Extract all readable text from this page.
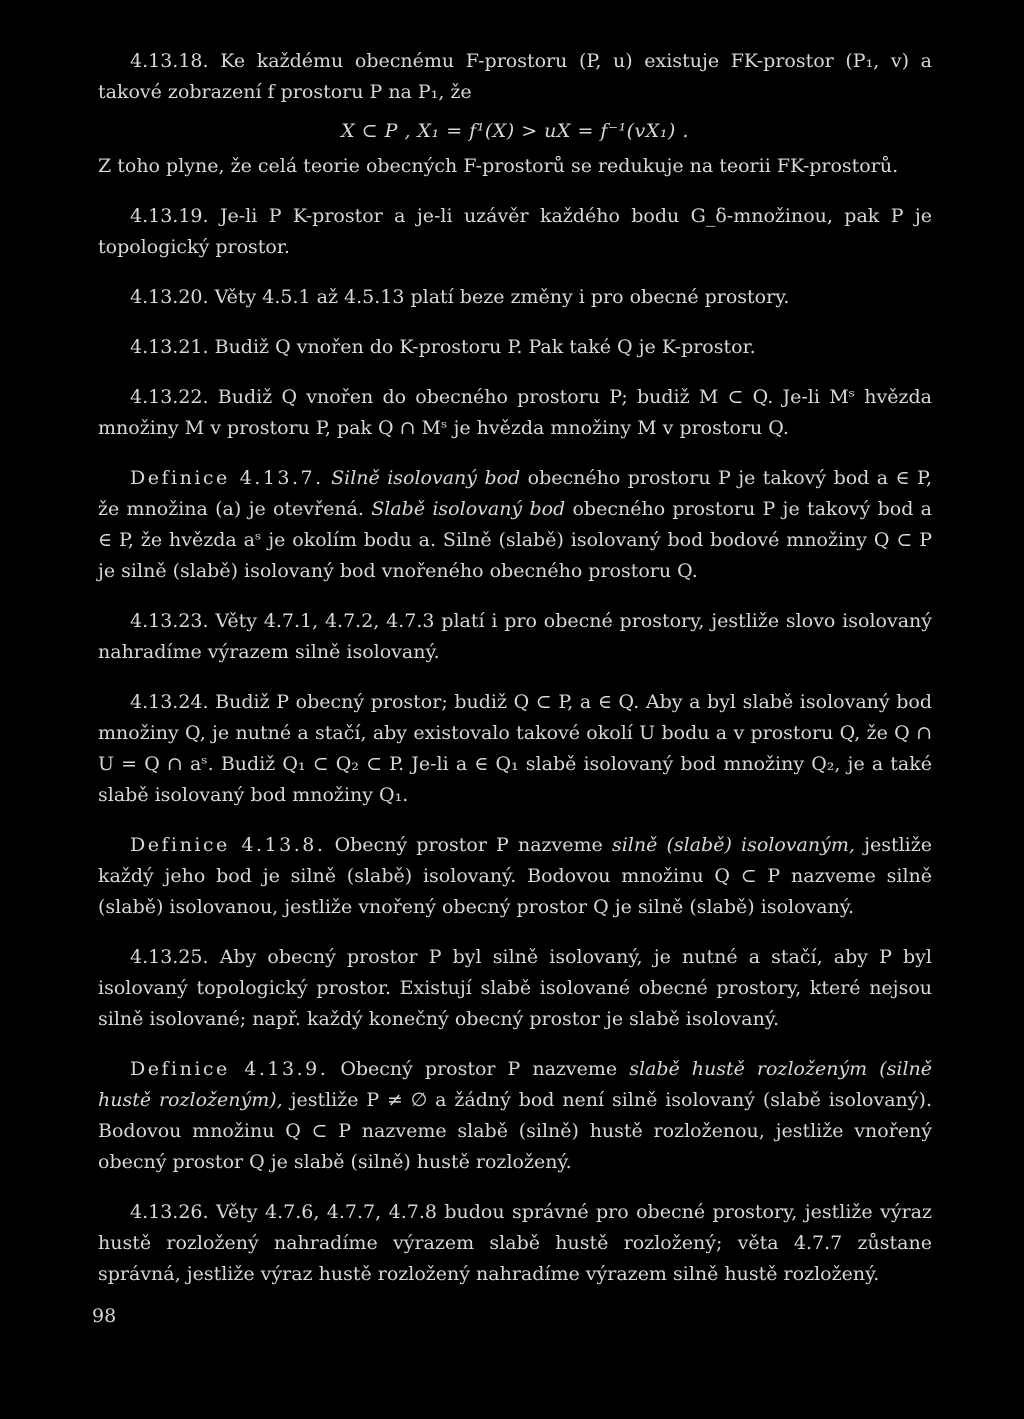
4.13.18. Ke každému obecnému F-prostoru (P, u) existuje FK-prostor (P₁, v) a takové zobrazení f prostoru P na P₁, že

X ⊂ P , X₁ = f¹(X) > uX = f⁻¹(vX₁) .

Z toho plyne, že celá teorie obecných F-prostorů se redukuje na teorii FK-prostorů.

4.13.19. Je-li P K-prostor a je-li uzávěr každého bodu G_δ-množinou, pak P je topologický prostor.

4.13.20. Věty 4.5.1 až 4.5.13 platí beze změny i pro obecné prostory.

4.13.21. Budiž Q vnořen do K-prostoru P. Pak také Q je K-prostor.

4.13.22. Budiž Q vnořen do obecného prostoru P; budiž M ⊂ Q. Je-li Mˢ hvězda množiny M v prostoru P, pak Q ∩ Mˢ je hvězda množiny M v prostoru Q.

Definice 4.13.7. Silně isolovaný bod obecného prostoru P je takový bod a ∈ P, že množina (a) je otevřená. Slabě isolovaný bod obecného prostoru P je takový bod a ∈ P, že hvězda aˢ je okolím bodu a. Silně (slabě) isolovaný bod bodové množiny Q ⊂ P je silně (slabě) isolovaný bod vnořeného obecného prostoru Q.

4.13.23. Věty 4.7.1, 4.7.2, 4.7.3 platí i pro obecné prostory, jestliže slovo isolovaný nahradíme výrazem silně isolovaný.

4.13.24. Budiž P obecný prostor; budiž Q ⊂ P, a ∈ Q. Aby a byl slabě isolovaný bod množiny Q, je nutné a stačí, aby existovalo takové okolí U bodu a v prostoru Q, že Q ∩ U = Q ∩ aˢ. Budiž Q₁ ⊂ Q₂ ⊂ P. Je-li a ∈ Q₁ slabě isolovaný bod množiny Q₂, je a také slabě isolovaný bod množiny Q₁.

Definice 4.13.8. Obecný prostor P nazveme silně (slabě) isolovaným, jestliže každý jeho bod je silně (slabě) isolovaný. Bodovou množinu Q ⊂ P nazveme silně (slabě) isolovanou, jestliže vnořený obecný prostor Q je silně (slabě) isolovaný.

4.13.25. Aby obecný prostor P byl silně isolovaný, je nutné a stačí, aby P byl isolovaný topologický prostor. Existují slabě isolované obecné prostory, které nejsou silně isolované; např. každý konečný obecný prostor je slabě isolovaný.

Definice 4.13.9. Obecný prostor P nazveme slabě hustě rozloženým (silně hustě rozloženým), jestliže P ≠ ∅ a žádný bod není silně isolovaný (slabě isolovaný). Bodovou množinu Q ⊂ P nazveme slabě (silně) hustě rozloženou, jestliže vnořený obecný prostor Q je slabě (silně) hustě rozložený.

4.13.26. Věty 4.7.6, 4.7.7, 4.7.8 budou správné pro obecné prostory, jestliže výraz hustě rozložený nahradíme výrazem slabě hustě rozložený; věta 4.7.7 zůstane správná, jestliže výraz hustě rozložený nahradíme výrazem silně hustě rozložený.

98
